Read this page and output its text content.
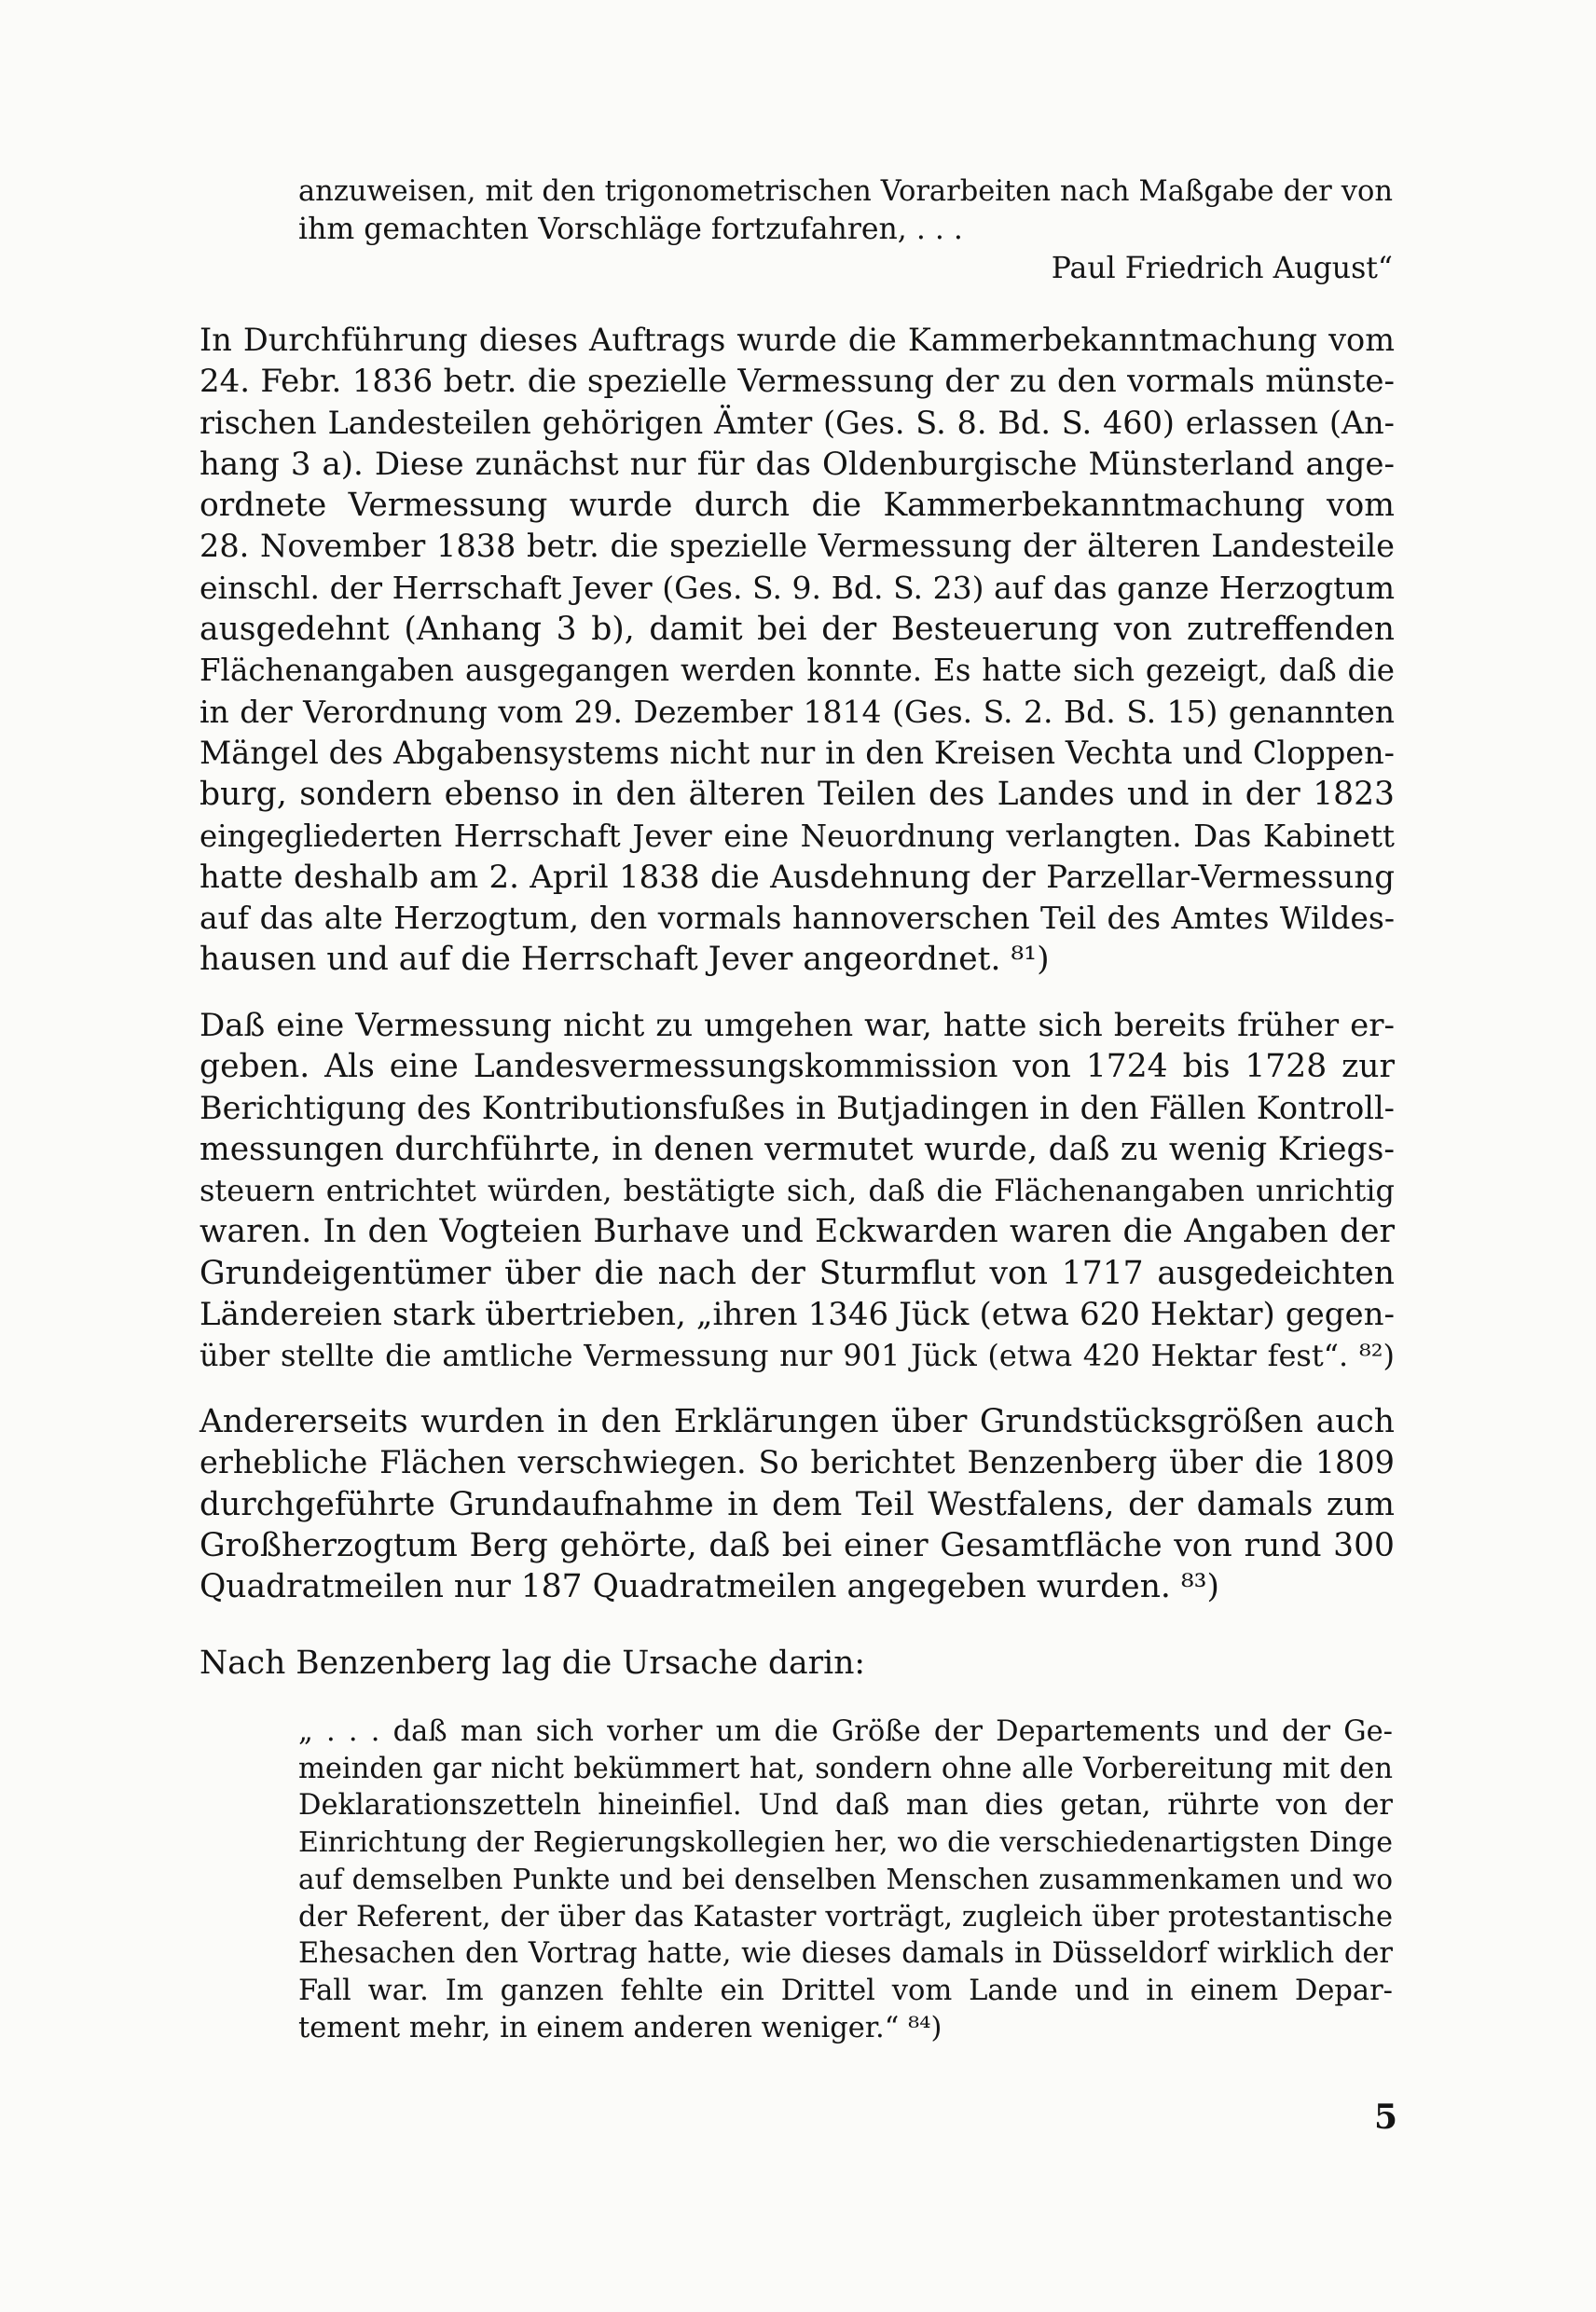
anzuweisen, mit den trigonometrischen Vorarbeiten nach Maßgabe der von
ihm gemachten Vorschläge fortzufahren, . . .
Paul Friedrich August“
In Durchführung dieses Auftrags wurde die Kammerbekanntmachung vom
24. Febr. 1836 betr. die spezielle Vermessung der zu den vormals münste-
rischen Landesteilen gehörigen Ämter (Ges. S. 8. Bd. S. 460) erlassen (An-
hang 3 a). Diese zunächst nur für das Oldenburgische Münsterland ange-
ordnete Vermessung wurde durch die Kammerbekanntmachung vom
28. November 1838 betr. die spezielle Vermessung der älteren Landesteile
einschl. der Herrschaft Jever (Ges. S. 9. Bd. S. 23) auf das ganze Herzogtum
ausgedehnt (Anhang 3 b), damit bei der Besteuerung von zutreffenden
Flächenangaben ausgegangen werden konnte. Es hatte sich gezeigt, daß die
in der Verordnung vom 29. Dezember 1814 (Ges. S. 2. Bd. S. 15) genannten
Mängel des Abgabensystems nicht nur in den Kreisen Vechta und Cloppen-
burg, sondern ebenso in den älteren Teilen des Landes und in der 1823
eingegliederten Herrschaft Jever eine Neuordnung verlangten. Das Kabinett
hatte deshalb am 2. April 1838 die Ausdehnung der Parzellar-Vermessung
auf das alte Herzogtum, den vormals hannoverschen Teil des Amtes Wildes-
hausen und auf die Herrschaft Jever angeordnet. ⁸¹)
Daß eine Vermessung nicht zu umgehen war, hatte sich bereits früher er-
geben. Als eine Landesvermessungskommission von 1724 bis 1728 zur
Berichtigung des Kontributionsfußes in Butjadingen in den Fällen Kontroll-
messungen durchführte, in denen vermutet wurde, daß zu wenig Kriegs-
steuern entrichtet würden, bestätigte sich, daß die Flächenangaben unrichtig
waren. In den Vogteien Burhave und Eckwarden waren die Angaben der
Grundeigentümer über die nach der Sturmflut von 1717 ausgedeichten
Ländereien stark übertrieben, „ihren 1346 Jück (etwa 620 Hektar) gegen-
über stellte die amtliche Vermessung nur 901 Jück (etwa 420 Hektar fest“. ⁸²)
Andererseits wurden in den Erklärungen über Grundstücksgrößen auch
erhebliche Flächen verschwiegen. So berichtet Benzenberg über die 1809
durchgeführte Grundaufnahme in dem Teil Westfalens, der damals zum
Großherzogtum Berg gehörte, daß bei einer Gesamtfläche von rund 300
Quadratmeilen nur 187 Quadratmeilen angegeben wurden. ⁸³)
Nach Benzenberg lag die Ursache darin:
„ . . . daß man sich vorher um die Größe der Departements und der Ge-
meinden gar nicht bekümmert hat, sondern ohne alle Vorbereitung mit den
Deklarationszetteln hineinfiel. Und daß man dies getan, rührte von der
Einrichtung der Regierungskollegien her, wo die verschiedenartigsten Dinge
auf demselben Punkte und bei denselben Menschen zusammenkamen und wo
der Referent, der über das Kataster vorträgt, zugleich über protestantische
Ehesachen den Vortrag hatte, wie dieses damals in Düsseldorf wirklich der
Fall war. Im ganzen fehlte ein Drittel vom Lande und in einem Depar-
tement mehr, in einem anderen weniger.“ ⁸⁴)
5
